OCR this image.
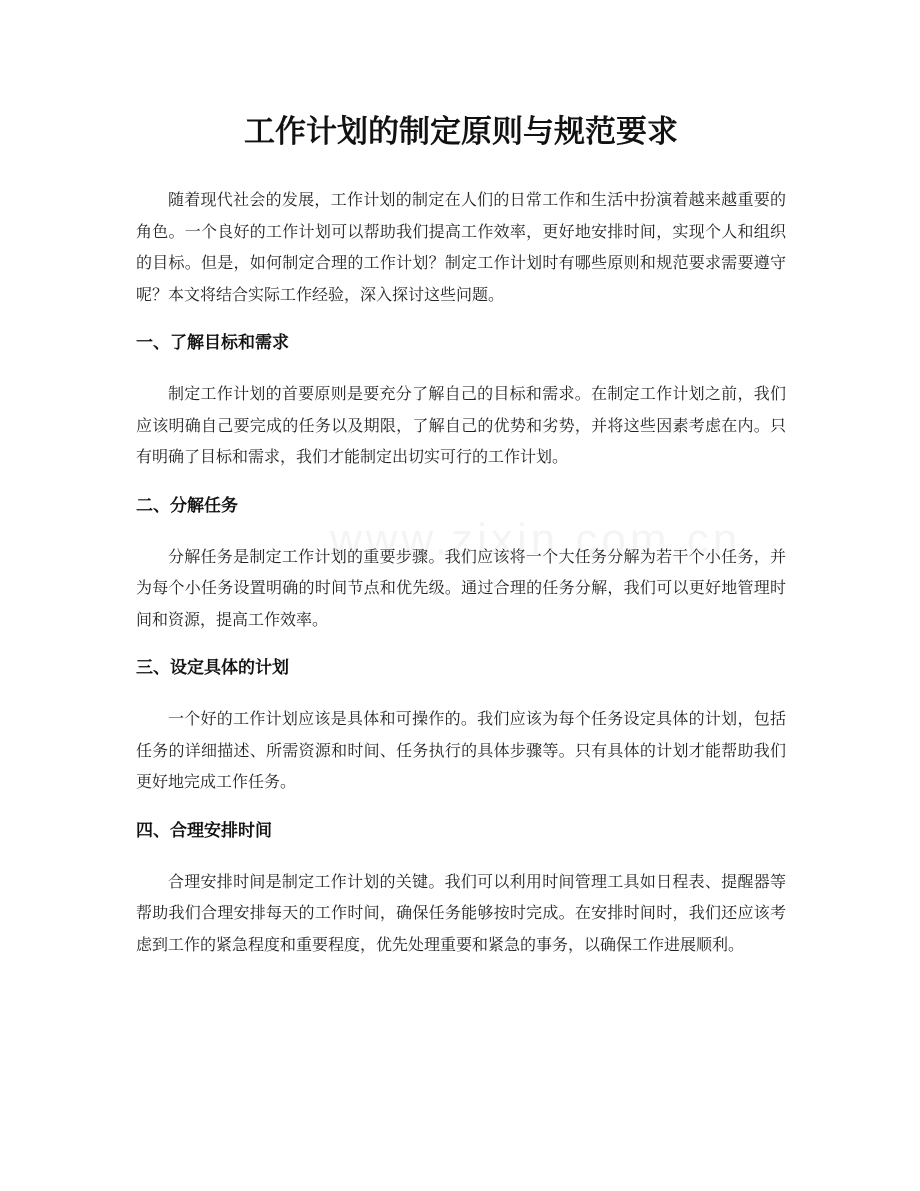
工作计划的制定原则与规范要求

随着现代社会的发展，工作计划的制定在人们的日常工作和生活中扮演着越来越重要的角色。一个良好的工作计划可以帮助我们提高工作效率，更好地安排时间，实现个人和组织的目标。但是，如何制定合理的工作计划？制定工作计划时有哪些原则和规范要求需要遵守呢？本文将结合实际工作经验，深入探讨这些问题。

一、了解目标和需求

制定工作计划的首要原则是要充分了解自己的目标和需求。在制定工作计划之前，我们应该明确自己要完成的任务以及期限，了解自己的优势和劣势，并将这些因素考虑在内。只有明确了目标和需求，我们才能制定出切实可行的工作计划。

二、分解任务

分解任务是制定工作计划的重要步骤。我们应该将一个大任务分解为若干个小任务，并为每个小任务设置明确的时间节点和优先级。通过合理的任务分解，我们可以更好地管理时间和资源，提高工作效率。

三、设定具体的计划

一个好的工作计划应该是具体和可操作的。我们应该为每个任务设定具体的计划，包括任务的详细描述、所需资源和时间、任务执行的具体步骤等。只有具体的计划才能帮助我们更好地完成工作任务。

四、合理安排时间

合理安排时间是制定工作计划的关键。我们可以利用时间管理工具如日程表、提醒器等帮助我们合理安排每天的工作时间，确保任务能够按时完成。在安排时间时，我们还应该考虑到工作的紧急程度和重要程度，优先处理重要和紧急的事务，以确保工作进展顺利。
